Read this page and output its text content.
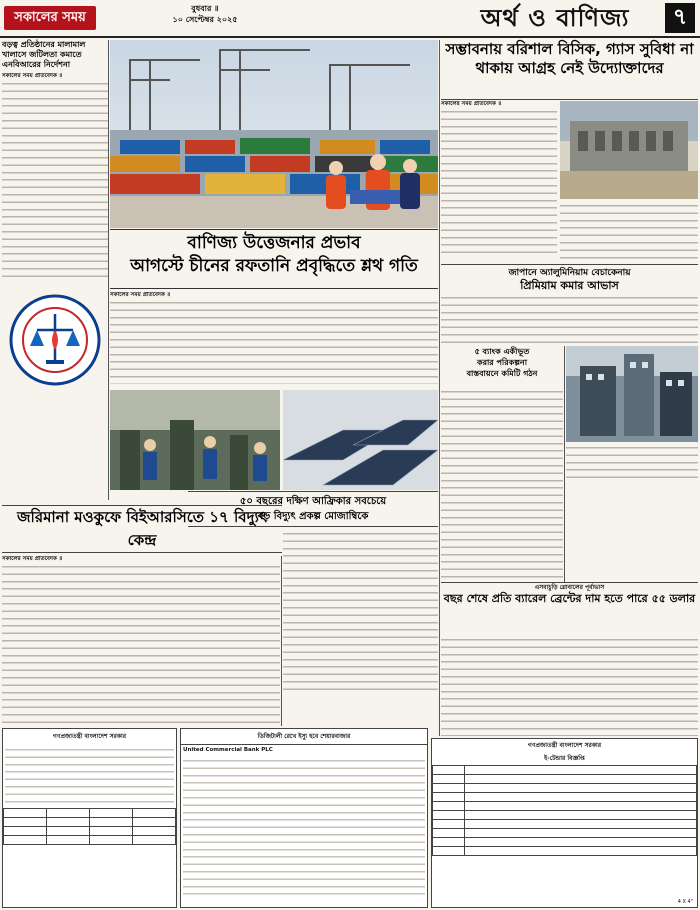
সকালের সময়
বুধবার ॥
১০ সেপ্টেম্বর ২০২৫	অর্থ ও বাণিজ্য	৭
বড়ত্ব প্রতিষ্ঠানের মালামাল খালাসে জটিলতা কমাতে এনবিআরের নির্দেশনা
সকালের সময় প্রতিবেদক ॥
সম্ভাবনায় বরিশাল বিসিক, গ্যাস সুবিধা না থাকায় আগ্রহ নেই উদ্যোক্তাদের
সকালের সময় প্রতিবেদক ॥
বাণিজ্য উত্তেজনার প্রভাব
আগস্টে চীনের রফতানি প্রবৃদ্ধিতে শ্লথ গতি
সকালের সময় প্রতিবেদক ॥
জাপানে অ্যালুমিনিয়াম বেচাকেনায়
প্রিমিয়াম কমার আভাস
৫ ব্যাংক একীভূত
করার পরিকল্পনা
বাস্তবায়নে কমিটি গঠন
৫০ বছরের দক্ষিণ আফ্রিকার সবচেয়ে
বড় বিদ্যুৎ প্রকল্প মোজাম্বিকে
জরিমানা মওকুফে বিইআরসিতে ১৭ বিদ্যুৎ কেন্দ্র
সকালের সময় প্রতিবেদক ॥
এসবাচুড়ি গ্লোবালের পূর্বাভাস
বছর শেষে প্রতি ব্যারেল ব্রেন্টের দাম হতে পারে ৫৫ ডলার
গণপ্রজাতন্ত্রী বাংলাদেশ সরকার

				ডিজিটালী রেখে ইস্যু হবে শেয়ারবাজার
United Commercial Bank PLC
গণপ্রজাতন্ত্রী বাংলাদেশ সরকার
ই-টেন্ডার বিজ্ঞপ্তি

4 X 4"
